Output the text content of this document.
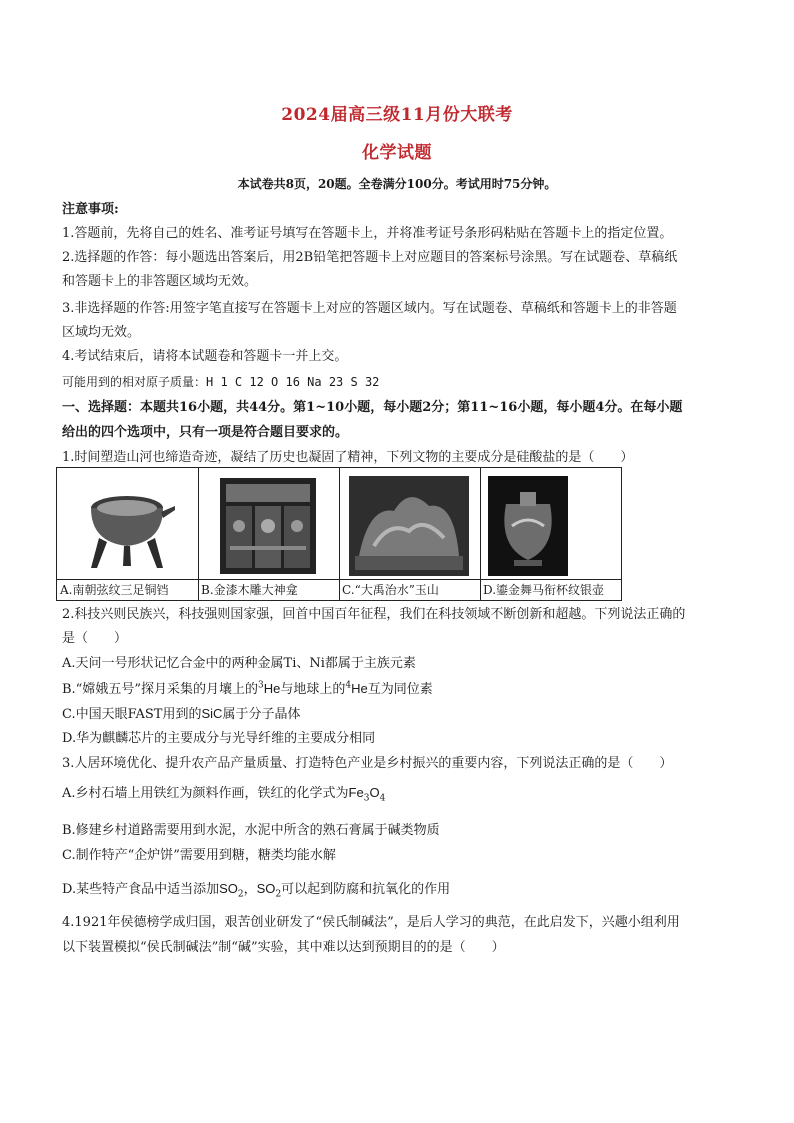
2024届高三级11月份大联考
化学试题
本试卷共8页，20题。全卷满分100分。考试用时75分钟。
注意事项:
1.答题前，先将自己的姓名、准考证号填写在答题卡上，并将准考证号条形码粘贴在答题卡上的指定位置。
2.选择题的作答：每小题选出答案后，用2B铅笔把答题卡上对应题目的答案标号涂黑。写在试题卷、草稿纸
和答题卡上的非答题区域均无效。
3.非选择题的作答:用签字笔直接写在答题卡上对应的答题区域内。写在试题卷、草稿纸和答题卡上的非答题
区域均无效。
4.考试结束后，请将本试题卷和答题卡一并上交。
可能用到的相对原子质量：H 1 C 12 O 16 Na 23 S 32
一、选择题：本题共16小题，共44分。第1~10小题，每小题2分；第11~16小题，每小题4分。在每小题
给出的四个选项中，只有一项是符合题目要求的。
1.时间塑造山河也缔造奇迹，凝结了历史也凝固了精神，下列文物的主要成分是硅酸盐的是（　　）
A.南朝弦纹三足铜铛	B.金漆木雕大神龛	C.“大禹治水”玉山	D.鎏金舞马衔杯纹银壶
2.科技兴则民族兴，科技强则国家强，回首中国百年征程，我们在科技领域不断创新和超越。下列说法正确的
是（　　）
A.天问一号形状记忆合金中的两种金属Ti、Ni都属于主族元素
B.“嫦娥五号”探月采集的月壤上的$^3$He与地球上的$^4$He互为同位素
C.中国天眼FAST用到的SiC属于分子晶体
D.华为麒麟芯片的主要成分与光导纤维的主要成分相同
3.人居环境优化、提升农产品产量质量、打造特色产业是乡村振兴的重要内容，下列说法正确的是（　　）
A.乡村石墙上用铁红为颜料作画，铁红的化学式为$Fe_3O_4$
B.修建乡村道路需要用到水泥，水泥中所含的熟石膏属于碱类物质
C.制作特产“企炉饼”需要用到糖，糖类均能水解
D.某些特产食品中适当添加$SO_2$，$SO_2$可以起到防腐和抗氧化的作用
4.1921年侯德榜学成归国，艰苦创业研发了“侯氏制碱法”，是后人学习的典范，在此启发下，兴趣小组利用
以下装置模拟“侯氏制碱法”制“碱”实验，其中难以达到预期目的的是（　　）
